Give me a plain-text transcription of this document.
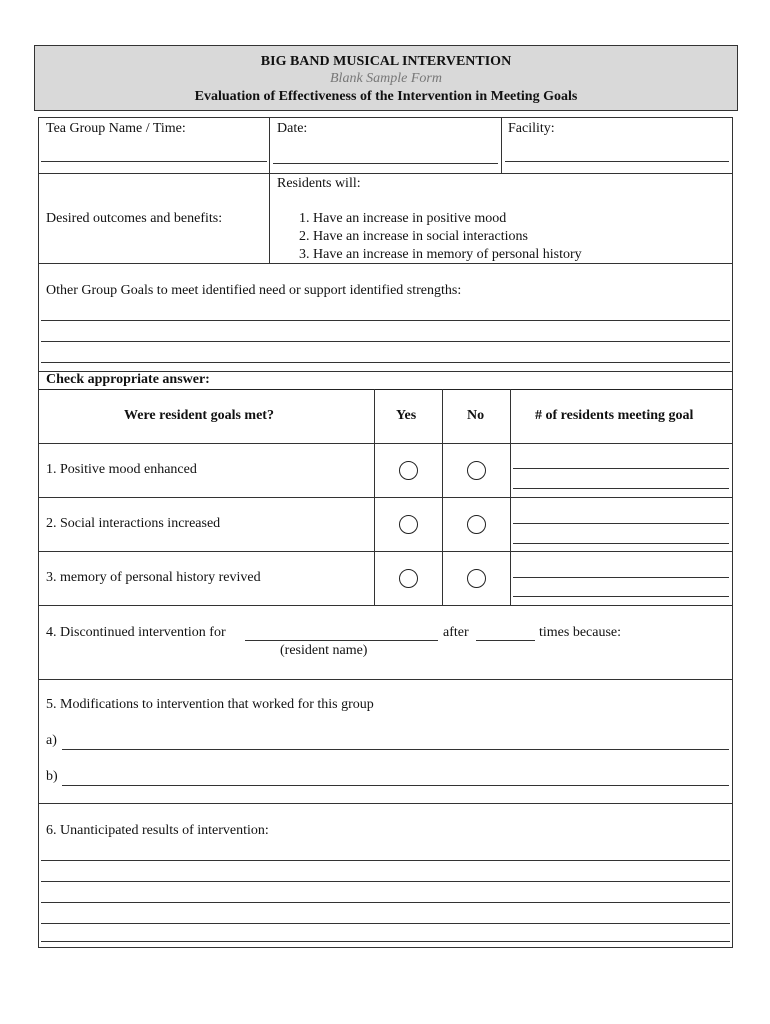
BIG BAND MUSICAL INTERVENTION
Blank Sample Form
Evaluation of Effectiveness of the Intervention in Meeting Goals
Tea Group Name / Time:	Date:	Facility:
Desired outcomes and benefits:
Residents will:
1. Have an increase in positive mood
2. Have an increase in social interactions
3. Have an increase in memory of personal history
Other Group Goals to meet identified need or support identified strengths:
Check appropriate answer:
Were resident goals met?	Yes	No	# of residents meeting goal
1. Positive mood enhanced
2. Social interactions increased
3. memory of personal history revived
4. Discontinued intervention for	after	times because:
(resident name)
5. Modifications to intervention that worked for this group
a)
b)
6. Unanticipated results of intervention:
